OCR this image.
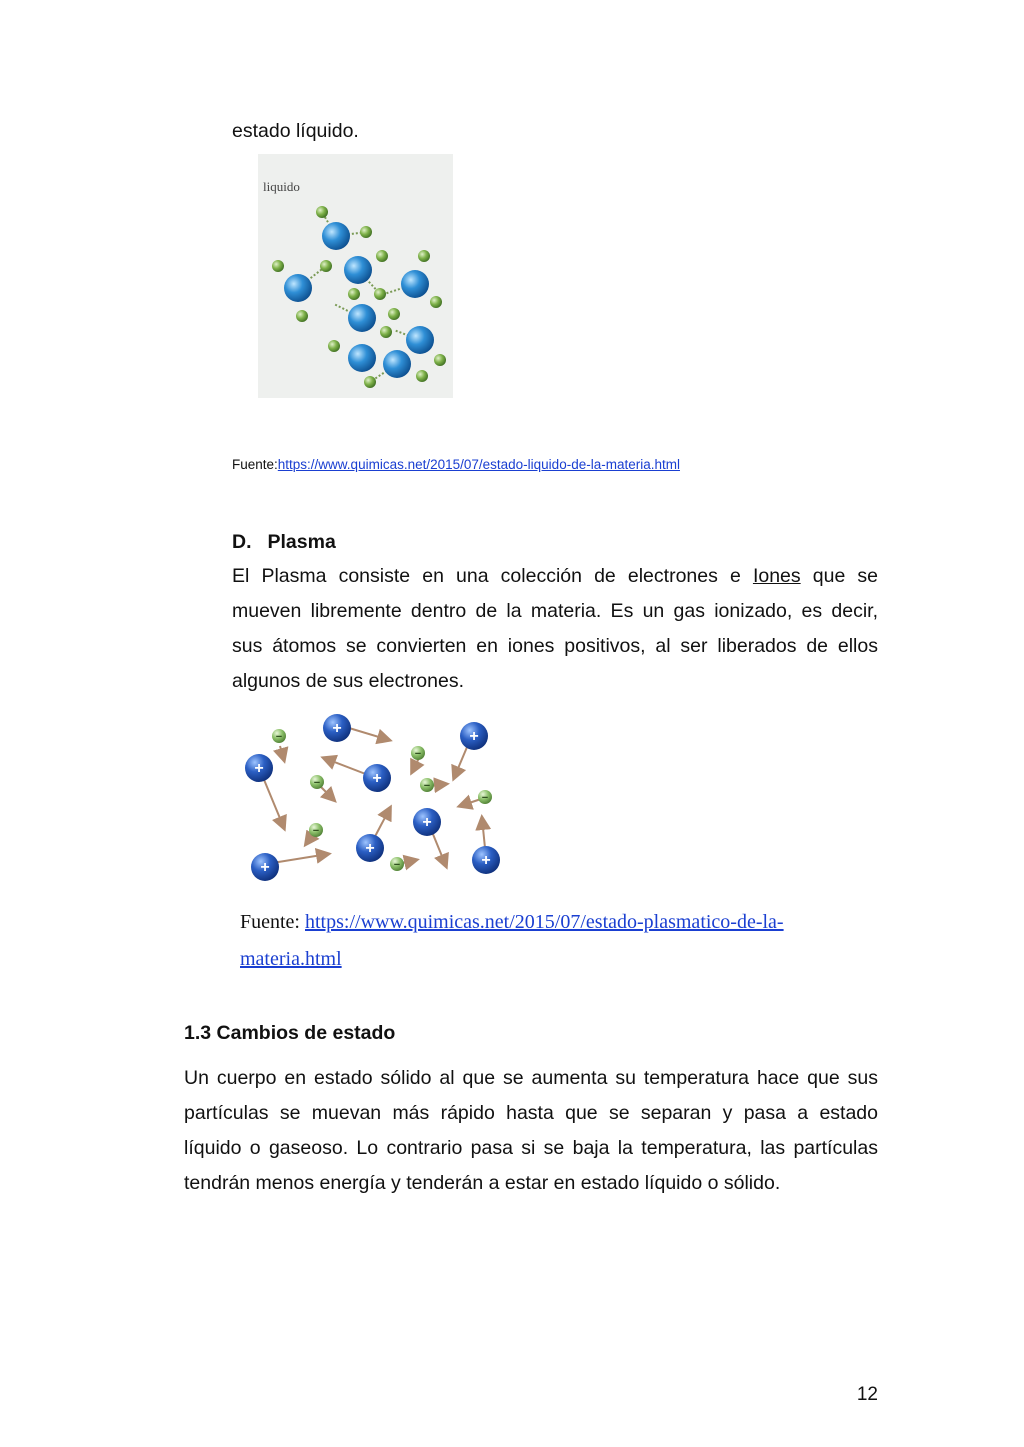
estado líquido.
liquido
Fuente:https://www.quimicas.net/2015/07/estado-liquido-de-la-materia.html
D. Plasma
El Plasma consiste en una colección de electrones e Iones que se
mueven libremente dentro de la materia. Es un gas ionizado, es decir,
sus átomos se convierten en iones positivos, al ser liberados de ellos
algunos de sus electrones.
+
+
+
+
+
+
+
+
−
−
−	−
−
−
−
Fuente: https://www.quimicas.net/2015/07/estado-plasmatico-de-la-
materia.html
1.3 Cambios de estado
Un cuerpo en estado sólido al que se aumenta su temperatura hace que sus
partículas se muevan más rápido hasta que se separan y pasa a estado
líquido o gaseoso. Lo contrario pasa si se baja la temperatura, las partículas
tendrán menos energía y tenderán a estar en estado líquido o sólido.
12
